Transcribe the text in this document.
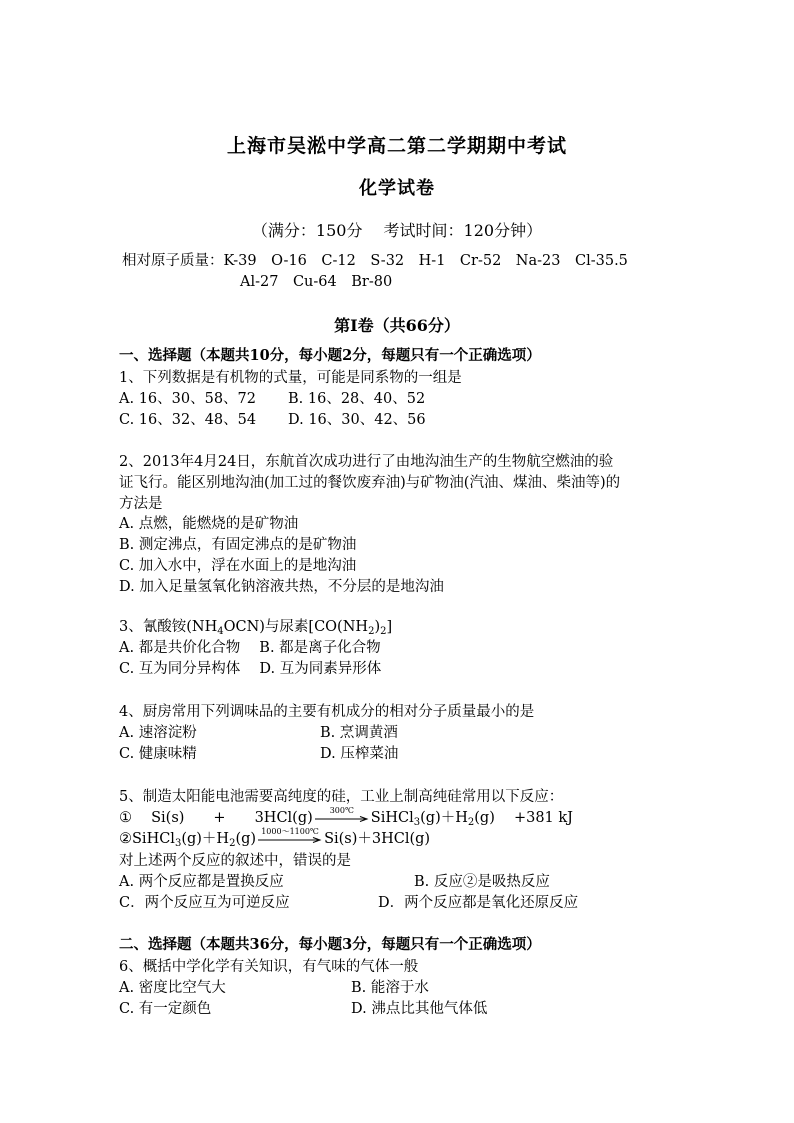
上海市吴淞中学高二第二学期期中考试
化学试卷
（满分：150分　 考试时间：120分钟）
相对原子质量：K-39　O-16　C-12　S-32　H-1　Cr-52　Na-23　Cl-35.5
Al-27　Cu-64　Br-80
第Ⅰ卷（共66分）
一、选择题（本题共10分，每小题2分，每题只有一个正确选项）
1、下列数据是有机物的式量，可能是同系物的一组是
A. 16、30、58、72 B. 16、28、40、52
C. 16、32、48、54 D. 16、30、42、56
2、2013年4月24日，东航首次成功进行了由地沟油生产的生物航空燃油的验
证飞行。能区别地沟油(加工过的餐饮废弃油)与矿物油(汽油、煤油、柴油等)的
方法是
A. 点燃，能燃烧的是矿物油
B. 测定沸点，有固定沸点的是矿物油
C. 加入水中，浮在水面上的是地沟油
D. 加入足量氢氧化钠溶液共热，不分层的是地沟油
3、氰酸铵$(NH_4OCN)$与尿素$[CO(NH_2)_2]$
A. 都是共价化合物　 B. 都是离子化合物
C. 互为同分异构体　 D. 互为同素异形体
4、厨房常用下列调味品的主要有机成分的相对分子质量最小的是
A. 速溶淀粉	B. 烹调黄酒
C. 健康味精	D. 压榨菜油
5、制造太阳能电池需要高纯度的硅，工业上制高纯硅常用以下反应：
①　 Si(s)　　+　　3HCl(g)	300℃	$SiHCl_3(g)+H_2(g)$　 +381 kJ
$②SiHCl_3(g)+H_2(g)$ 1000～1100℃ Si(s)＋3HCl(g)
对上述两个反应的叙述中，错误的是
A. 两个反应都是置换反应	B. 反应②是吸热反应
C．两个反应互为可逆反应	D．两个反应都是氧化还原反应
二、选择题（本题共36分，每小题3分，每题只有一个正确选项）
6、概括中学化学有关知识，有气味的气体一般
A. 密度比空气大	B. 能溶于水
C. 有一定颜色	D. 沸点比其他气体低
